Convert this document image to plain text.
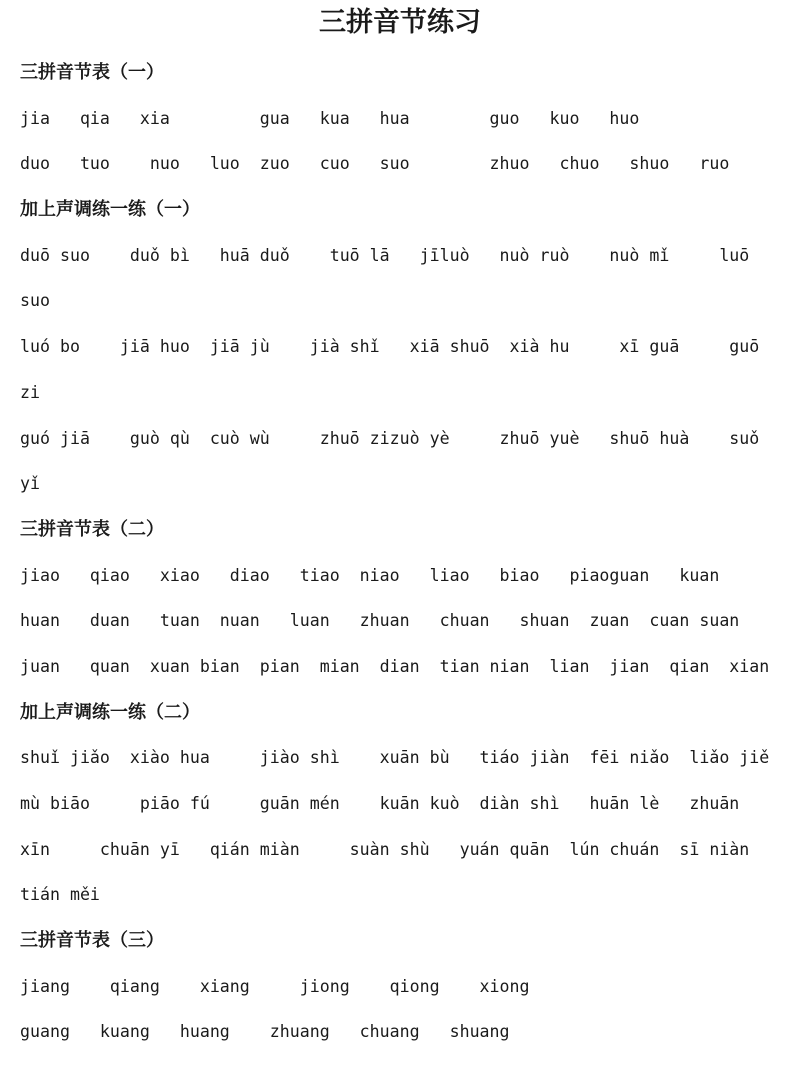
三拼音节练习
三拼音节表（一）
jia   qia   xia         gua   kua   hua        guo   kuo   huo
duo   tuo    nuo   luo  zuo   cuo   suo        zhuo   chuo   shuo   ruo
加上声调练一练（一）
duō suo    duǒ bì   huā duǒ    tuō lā   jīluò   nuò ruò    nuò mǐ     luō
suo
luó bo    jiā huo  jiā jù    jià shǐ   xiā shuō  xià hu     xī guā     guō
zi
guó jiā    guò qù  cuò wù     zhuō zizuò yè     zhuō yuè   shuō huà    suǒ
yǐ
三拼音节表（二）
jiao   qiao   xiao   diao   tiao  niao   liao   biao   piaoguan   kuan
huan   duan   tuan  nuan   luan   zhuan   chuan   shuan  zuan  cuan suan
juan   quan  xuan bian  pian  mian  dian  tian nian  lian  jian  qian  xian
加上声调练一练（二）
shuǐ jiǎo  xiào hua     jiào shì    xuān bù   tiáo jiàn  fēi niǎo  liǎo jiě
mù biāo     piāo fú     guān mén    kuān kuò  diàn shì   huān lè   zhuān
xīn     chuān yī   qián miàn     suàn shù   yuán quān  lún chuán  sī niàn
tián měi
三拼音节表（三）
jiang    qiang    xiang     jiong    qiong    xiong
guang   kuang   huang    zhuang   chuang   shuang
